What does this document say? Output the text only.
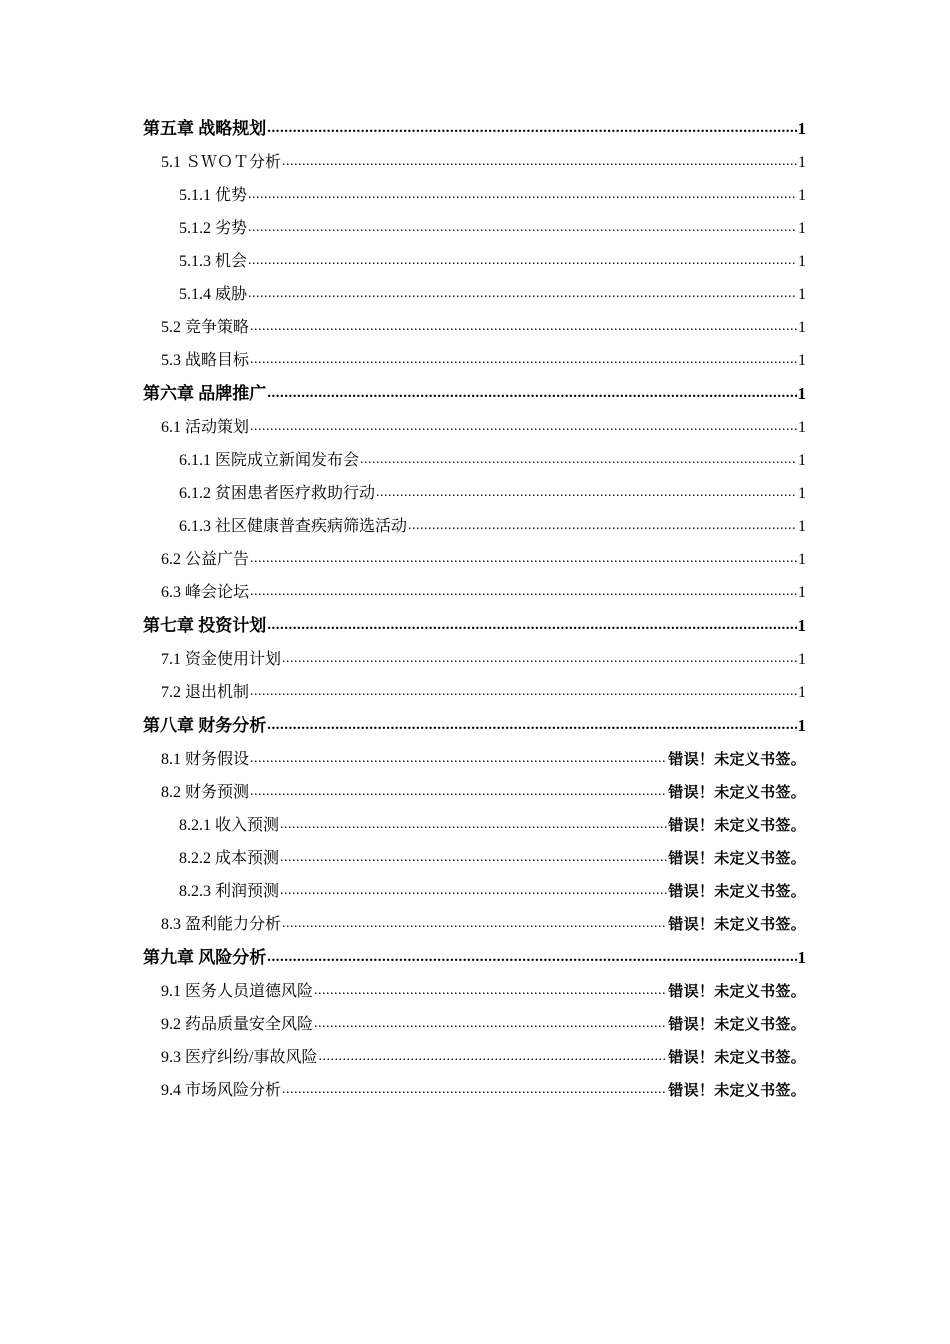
第五章 战略规划 .....	1
5.1 ＳＷＯＴ分析 .....	1
5.1.1 优势 .....	1
5.1.2 劣势 .....	1
5.1.3 机会 .....	1
5.1.4 威胁 .....	1
5.2 竞争策略 .....	1
5.3 战略目标 .....	1
第六章 品牌推广 .....	1
6.1 活动策划 .....	1
6.1.1 医院成立新闻发布会 .....	1
6.1.2 贫困患者医疗救助行动 .....	1
6.1.3 社区健康普查疾病筛选活动 .....	1
6.2 公益广告 .....	1
6.3 峰会论坛 .....	1
第七章 投资计划 .....	1
7.1 资金使用计划 .....	1
7.2 退出机制 .....	1
第八章 财务分析 .....	1
8.1 财务假设 .....	错误！未定义书签。
8.2 财务预测 .....	错误！未定义书签。
8.2.1 收入预测 .....	错误！未定义书签。
8.2.2 成本预测 .....	错误！未定义书签。
8.2.3 利润预测 .....	错误！未定义书签。
8.3 盈利能力分析 .....	错误！未定义书签。
第九章 风险分析 .....	1
9.1 医务人员道德风险 .....	错误！未定义书签。
9.2 药品质量安全风险 .....	错误！未定义书签。
9.3 医疗纠纷/事故风险 .....	错误！未定义书签。
9.4 市场风险分析 .....	错误！未定义书签。
